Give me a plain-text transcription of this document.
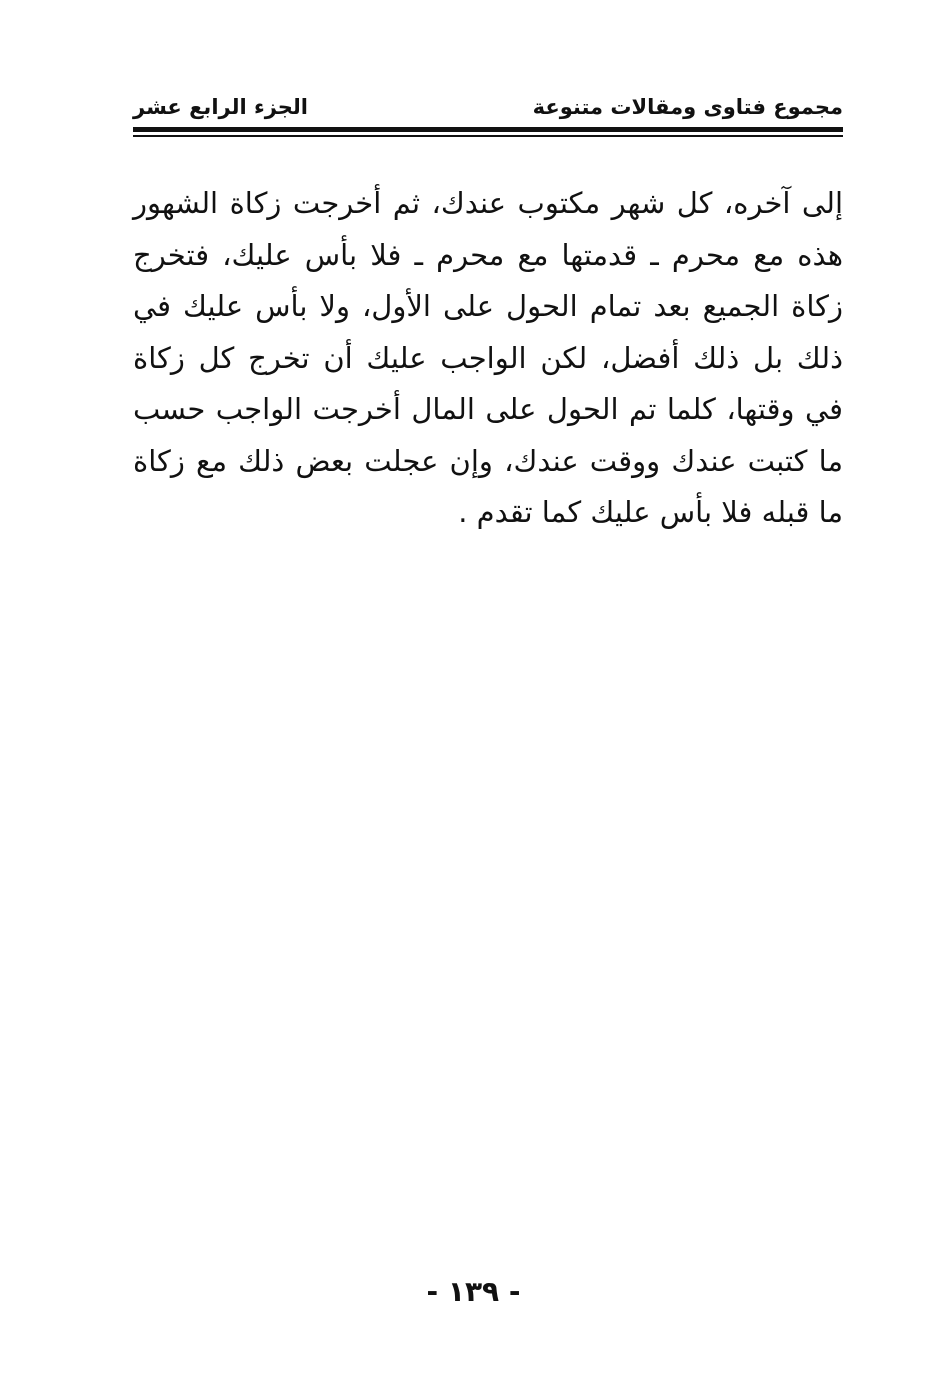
مجموع فتاوى ومقالات متنوعة
الجزء الرابع عشر

إلى آخره، كل شهر مكتوب عندك، ثم أخرجت زكاة الشهور هذه مع محرم ـ قدمتها مع محرم ـ فلا بأس عليك، فتخرج زكاة الجميع بعد تمام الحول على الأول، ولا بأس عليك في ذلك بل ذلك أفضل، لكن الواجب عليك أن تخرج كل زكاة في وقتها، كلما تم الحول على المال أخرجت الواجب حسب ما كتبت عندك ووقت عندك، وإن عجلت بعض ذلك مع زكاة ما قبله فلا بأس عليك كما تقدم .

- ١٣٩ -
